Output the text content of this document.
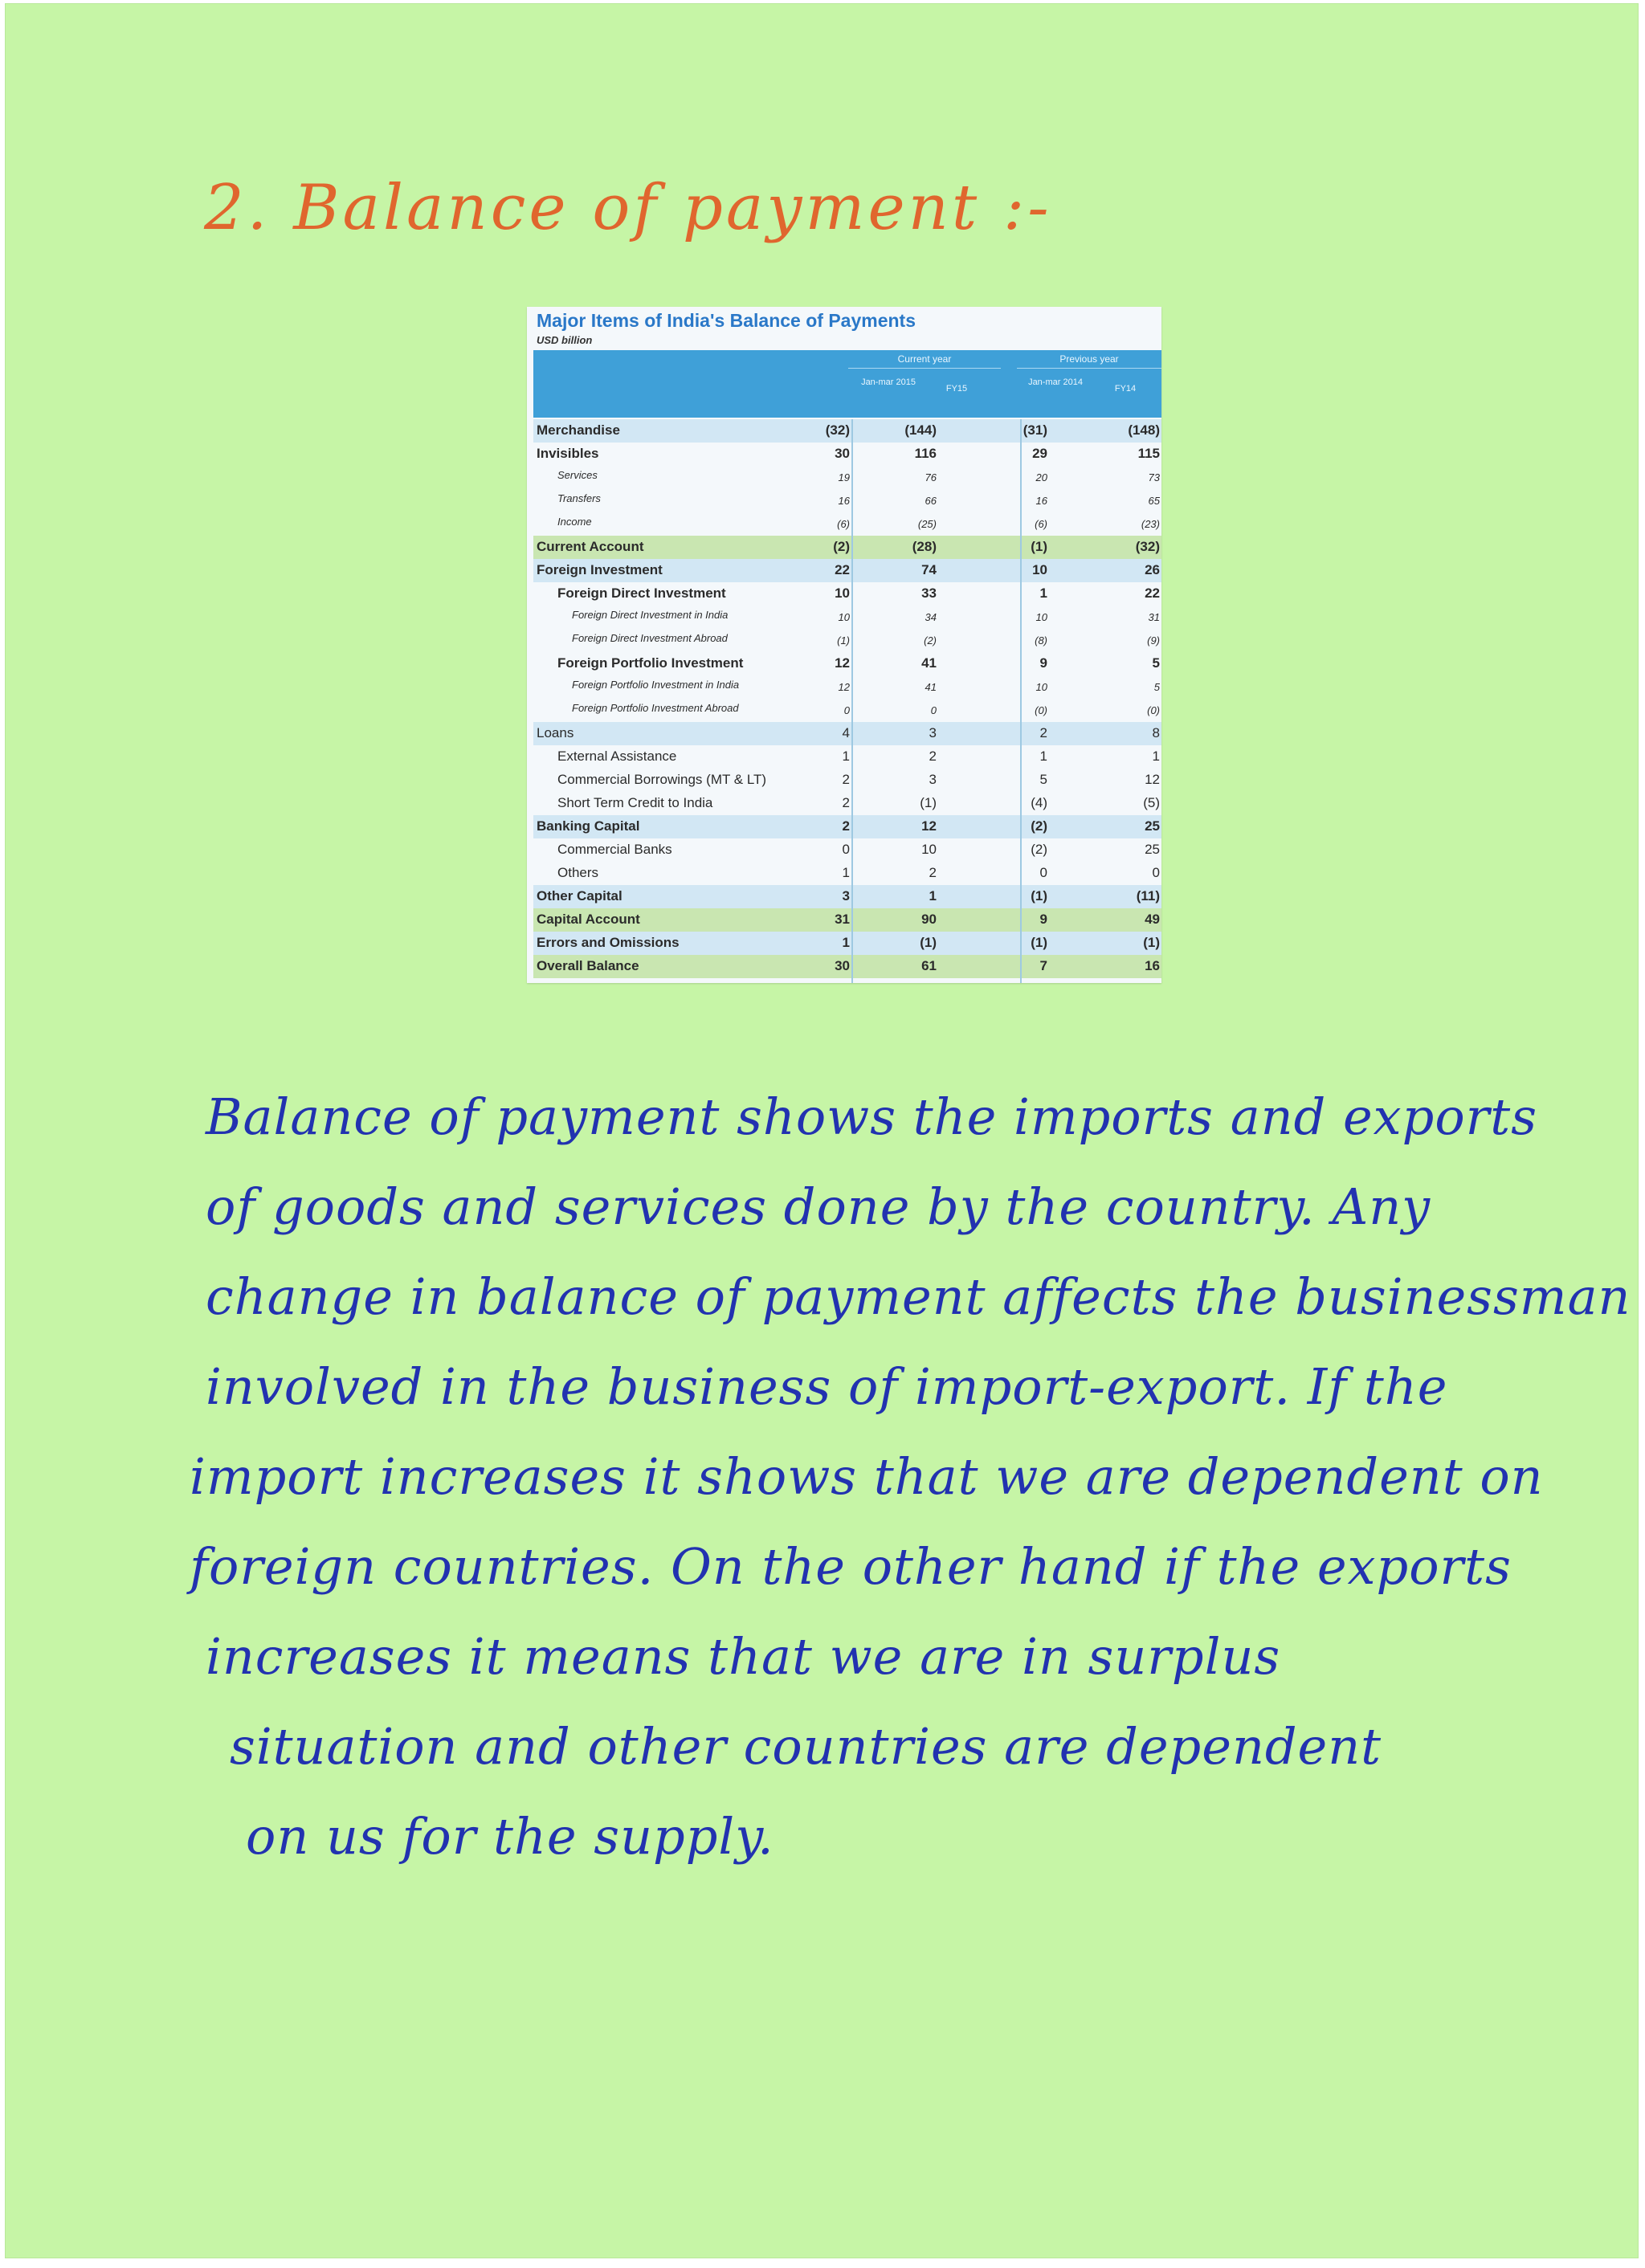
2. Balance of payment :-
Major Items of India's Balance of Payments
USD billion
Current year	Previous year
Jan-mar 2015
FY15
Jan-mar 2014
FY14
Merchandise	(32)	(144)	(31)	(148)
Invisibles	30	116	29	115
Services	19	76	20	73
Transfers	16	66	16	65
Income	(6)	(25)	(6)	(23)
Current Account	(2)	(28)	(1)	(32)
Foreign Investment	22	74	10	26
Foreign Direct Investment	10	33	1	22
Foreign Direct Investment in India	10	34	10	31
Foreign Direct Investment Abroad	(1)	(2)	(8)	(9)
Foreign Portfolio Investment	12	41	9	5
Foreign Portfolio Investment in India	12	41	10	5
Foreign Portfolio Investment Abroad	0	0	(0)	(0)
Loans	4	3	2	8
External Assistance	1	2	1	1
Commercial Borrowings (MT & LT)	2	3	5	12
Short Term Credit to India	2	(1)	(4)	(5)
Banking Capital	2	12	(2)	25
Commercial Banks	0	10	(2)	25
Others	1	2	0	0
Other Capital	3	1	(1)	(11)
Capital Account	31	90	9	49
Errors and Omissions	1	(1)	(1)	(1)
Overall Balance	30	61	7	16
Balance of payment shows the imports and exports
of goods and services done by the country. Any
change in balance of payment affects the businessman
involved in the business of import-export. If the
import increases it shows that we are dependent on
foreign countries. On the other hand if the exports
increases it means that we are in surplus
situation and other countries are dependent
on us for the supply.
